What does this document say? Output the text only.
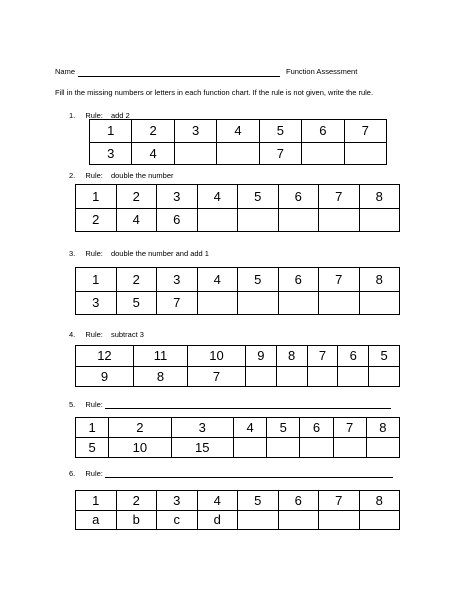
Name	Function Assessment
Fill in the missing numbers or letters in each function chart. If the rule is not given, write the rule.
1. Rule: add 2
1	2	3	4	5	6	7
3	4			7		
2. Rule: double the number
1	2	3	4	5	6	7	8
2	4	6					
3. Rule: double the number and add 1
1	2	3	4	5	6	7	8
3	5	7					
4. Rule: subtract 3
12	11	10	9	8	7	6	5
9	8	7					
5. Rule:
1	2	3	4	5	6	7	8
5	10	15					
6. Rule:
1	2	3	4	5	6	7	8
a	b	c	d				
